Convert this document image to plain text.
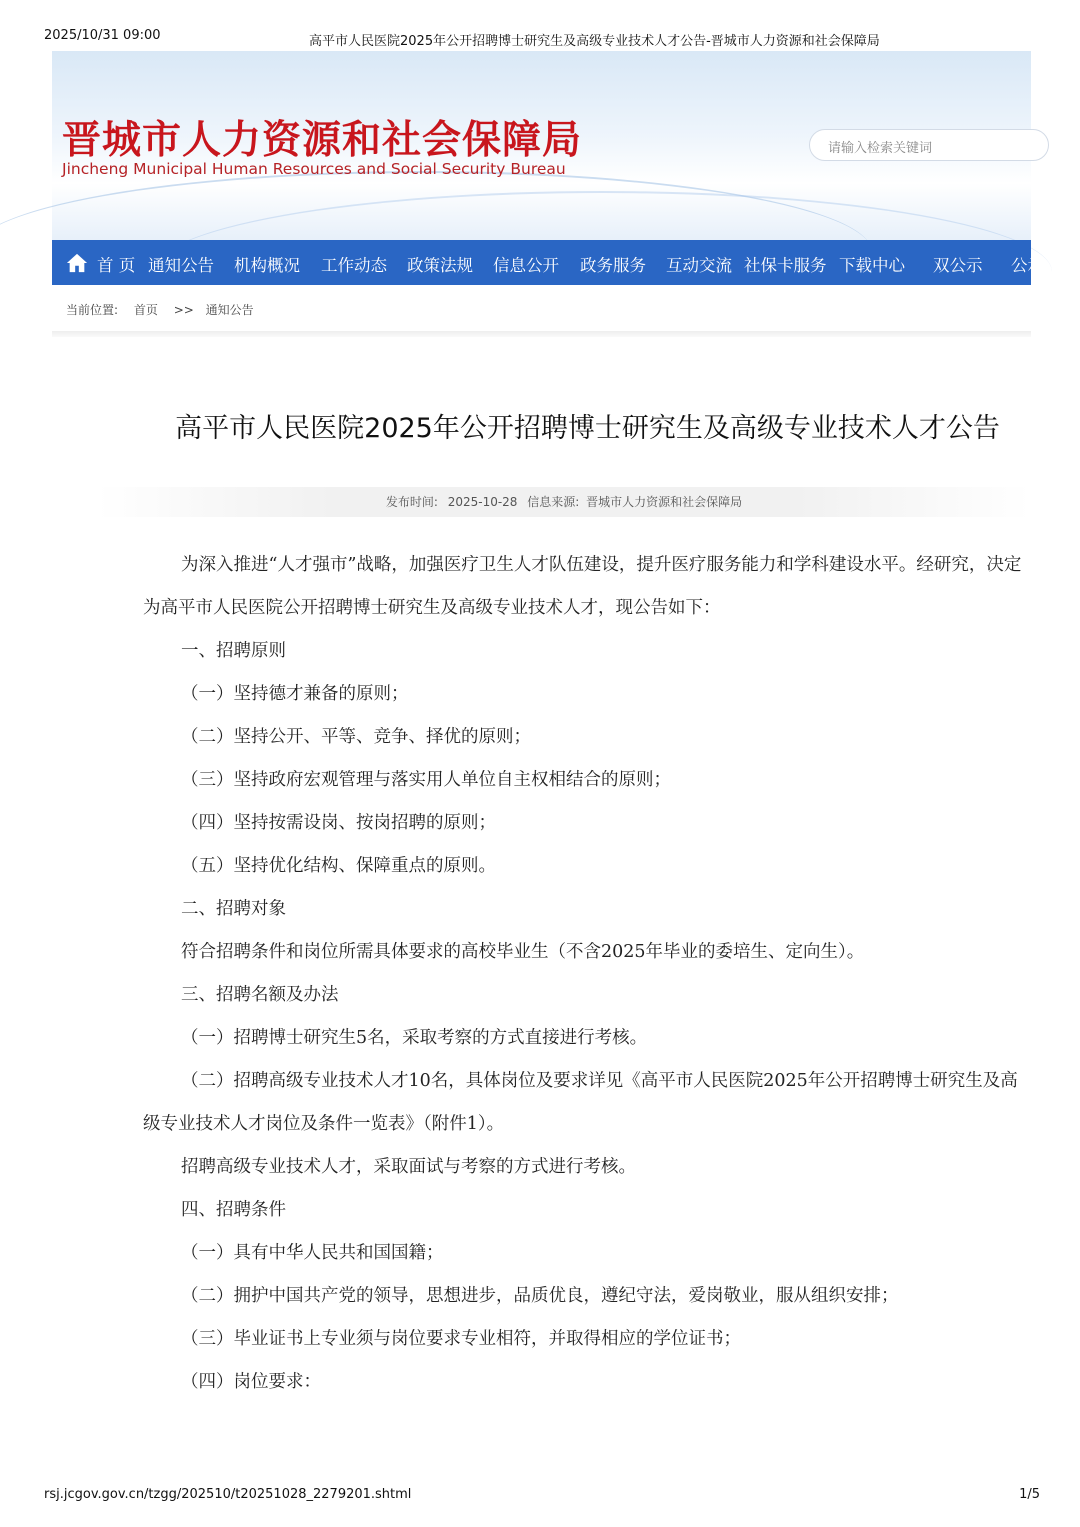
2025/10/31 09:00	高平市人民医院2025年公开招聘博士研究生及高级专业技术人才公告-晋城市人力资源和社会保障局
晋城市人力资源和社会保障局
Jincheng Municipal Human Resources and Social Security Bureau
请输入检索关键词
首 页 通知公告 机构概况 工作动态 政策法规 信息公开 政务服务 互动交流 社保卡服务 下载中心 双公示 公示
当前位置: 首页 >> 通知公告
高平市人民医院2025年公开招聘博士研究生及高级专业技术人才公告
发布时间: 2025-10-28 信息来源: 晋城市人力资源和社会保障局

为深入推进“人才强市”战略，加强医疗卫生人才队伍建设，提升医疗服务能力和学科建设水平。经研究，决定为高平市人民医院公开招聘博士研究生及高级专业技术人才，现公告如下：

一、招聘原则

（一）坚持德才兼备的原则；

（二）坚持公开、平等、竞争、择优的原则；

（三）坚持政府宏观管理与落实用人单位自主权相结合的原则；

（四）坚持按需设岗、按岗招聘的原则；

（五）坚持优化结构、保障重点的原则。

二、招聘对象

符合招聘条件和岗位所需具体要求的高校毕业生（不含2025年毕业的委培生、定向生）。

三、招聘名额及办法

（一）招聘博士研究生5名，采取考察的方式直接进行考核。

（二）招聘高级专业技术人才10名，具体岗位及要求详见《高平市人民医院2025年公开招聘博士研究生及高级专业技术人才岗位及条件一览表》（附件1）。

招聘高级专业技术人才，采取面试与考察的方式进行考核。

四、招聘条件

（一）具有中华人民共和国国籍；

（二）拥护中国共产党的领导，思想进步，品质优良，遵纪守法，爱岗敬业，服从组织安排；

（三）毕业证书上专业须与岗位要求专业相符，并取得相应的学位证书；

（四）岗位要求：

rsj.jcgov.gov.cn/tzgg/202510/t20251028_2279201.shtml	1/5
